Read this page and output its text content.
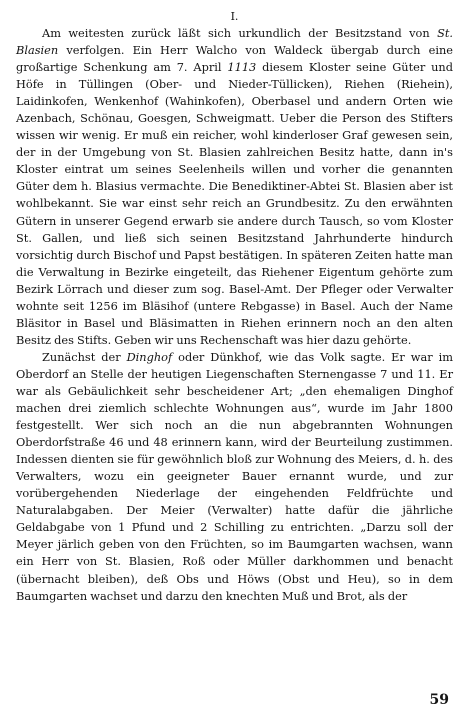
I.

Am weitesten zurück läßt sich urkundlich der Besitzstand von St. Blasien verfolgen. Ein Herr Walcho von Waldeck übergab durch eine großartige Schenkung am 7. April 1113 diesem Kloster seine Güter und Höfe in Tüllingen (Ober- und Nieder-Tüllicken), Riehen (Riehein), Laidinkofen, Wenkenhof (Wahinkofen), Oberbasel und andern Orten wie Azenbach, Schönau, Goesgen, Schweigmatt. Ueber die Person des Stifters wissen wir wenig. Er muß ein reicher, wohl kinderloser Graf gewesen sein, der in der Umgebung von St. Blasien zahlreichen Besitz hatte, dann in's Kloster eintrat um seines Seelenheils willen und vorher die genannten Güter dem h. Blasius vermachte. Die Benediktiner-Abtei St. Blasien aber ist wohlbekannt. Sie war einst sehr reich an Grundbesitz. Zu den erwähnten Gütern in unserer Gegend erwarb sie andere durch Tausch, so vom Kloster St. Gallen, und ließ sich seinen Besitzstand Jahrhunderte hindurch vorsichtig durch Bischof und Papst bestätigen. In späteren Zeiten hatte man die Verwaltung in Bezirke eingeteilt, das Riehener Eigentum gehörte zum Bezirk Lörrach und dieser zum sog. Basel-Amt. Der Pfleger oder Verwalter wohnte seit 1256 im Bläsihof (untere Rebgasse) in Basel. Auch der Name Bläsitor in Basel und Bläsimatten in Riehen erinnern noch an den alten Besitz des Stifts. Geben wir uns Rechenschaft was hier dazu gehörte.

Zunächst der Dinghof oder Dünkhof, wie das Volk sagte. Er war im Oberdorf an Stelle der heutigen Liegenschaften Sternengasse 7 und 11. Er war als Gebäulichkeit sehr bescheidener Art; „den ehemaligen Dinghof machen drei ziemlich schlechte Wohnungen aus“, wurde im Jahr 1800 festgestellt. Wer sich noch an die nun abgebrannten Wohnungen Oberdorfstraße 46 und 48 erinnern kann, wird der Beurteilung zustimmen. Indessen dienten sie für gewöhnlich bloß zur Wohnung des Meiers, d. h. des Verwalters, wozu ein geeigneter Bauer ernannt wurde, und zur vorübergehenden Niederlage der eingehenden Feldfrüchte und Naturalabgaben. Der Meier (Verwalter) hatte dafür die jährliche Geldabgabe von 1 Pfund und 2 Schilling zu entrichten. „Darzu soll der Meyer järlich geben von den Früchten, so im Baumgarten wachsen, wann ein Herr von St. Blasien, Roß oder Müller darkhommen und benacht (übernacht bleiben), deß Obs und Höws (Obst und Heu), so in dem Baumgarten wachset und darzu den knechten Muß und Brot, als der

59
